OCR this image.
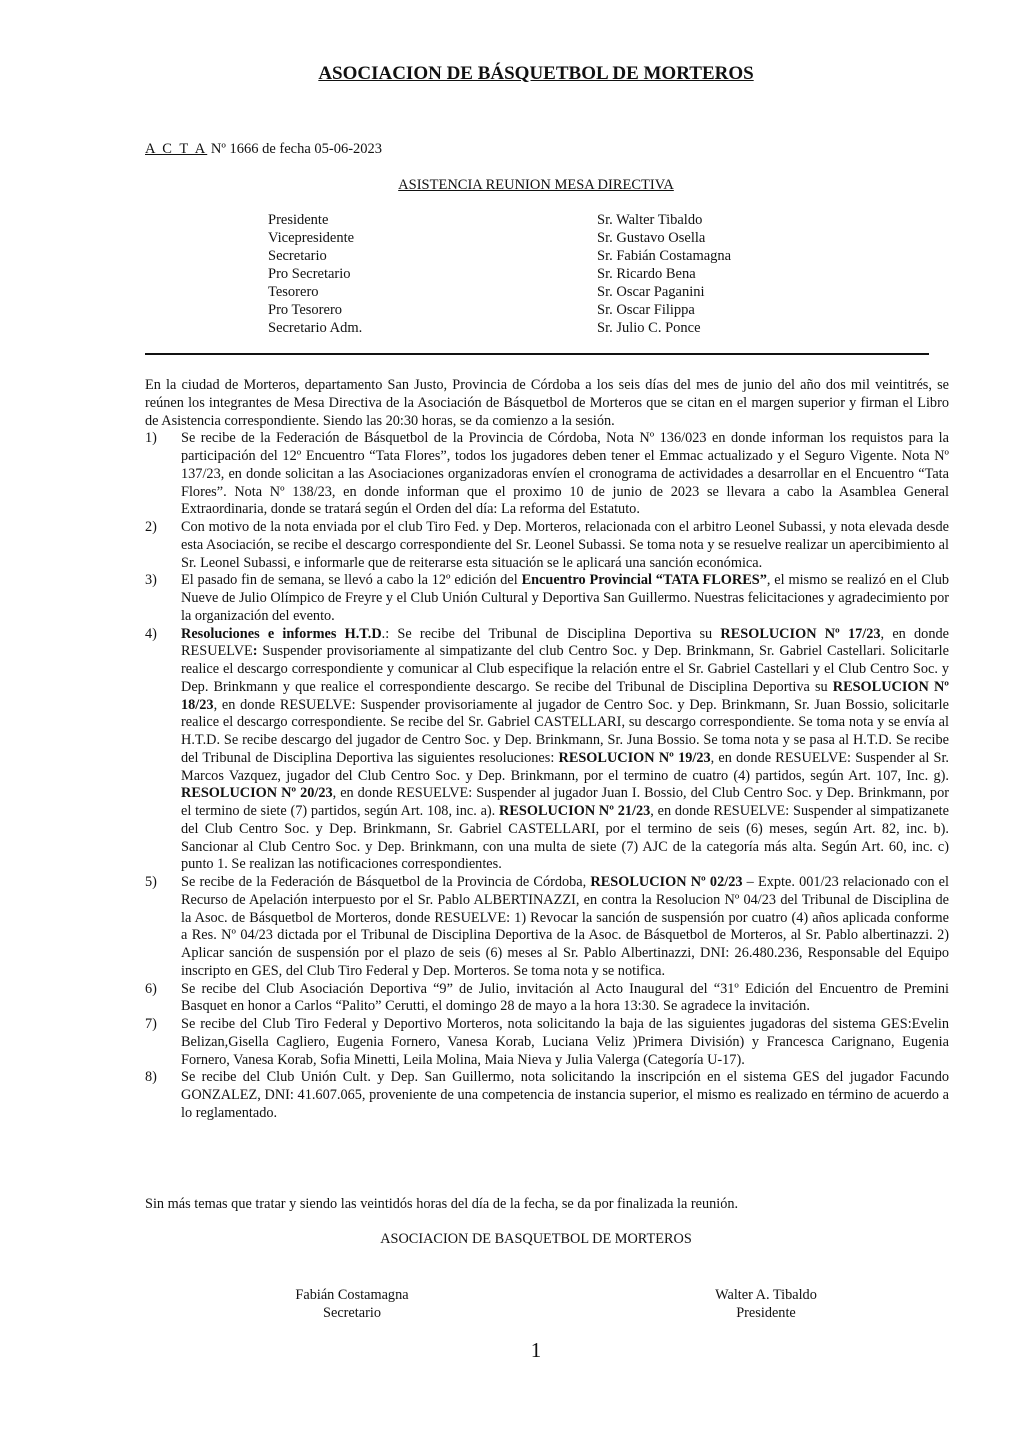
ASOCIACION DE BÁSQUETBOL DE MORTEROS
A C T A Nº 1666 de fecha 05-06-2023
ASISTENCIA REUNION MESA DIRECTIVA
Presidente	Sr. Walter Tibaldo
Vicepresidente	Sr. Gustavo Osella
Secretario	Sr. Fabián Costamagna
Pro Secretario	Sr. Ricardo Bena
Tesorero	Sr. Oscar Paganini
Pro Tesorero	Sr. Oscar Filippa
Secretario Adm.	Sr. Julio C. Ponce

En la ciudad de Morteros, departamento San Justo, Provincia de Córdoba a los seis días del mes de junio del año dos mil veintitrés, se reúnen los integrantes de Mesa Directiva de la Asociación de Básquetbol de Morteros que se citan en el margen superior y firman el Libro de Asistencia correspondiente. Siendo las 20:30 horas, se da comienzo a la sesión.

1) Se recibe de la Federación de Básquetbol de la Provincia de Córdoba, Nota Nº 136/023 en donde informan los requistos para la participación del 12º Encuentro “Tata Flores”, todos los jugadores deben tener el Emmac actualizado y el Seguro Vigente. Nota Nº 137/23, en donde solicitan a las Asociaciones organizadoras envíen el cronograma de actividades a desarrollar en el Encuentro “Tata Flores”. Nota Nº 138/23, en donde informan que el proximo 10 de junio de 2023 se llevara a cabo la Asamblea General Extraordinaria, donde se tratará según el Orden del día: La reforma del Estatuto.
2) Con motivo de la nota enviada por el club Tiro Fed. y Dep. Morteros, relacionada con el arbitro Leonel Subassi, y nota elevada desde esta Asociación, se recibe el descargo correspondiente del Sr. Leonel Subassi. Se toma nota y se resuelve realizar un apercibimiento al Sr. Leonel Subassi, e informarle que de reiterarse esta situación se le aplicará una sanción económica.
3) El pasado fin de semana, se llevó a cabo la 12º edición del Encuentro Provincial “TATA FLORES”, el mismo se realizó en el Club Nueve de Julio Olímpico de Freyre y el Club Unión Cultural y Deportiva San Guillermo. Nuestras felicitaciones y agradecimiento por la organización del evento.
4) Resoluciones e informes H.T.D.: Se recibe del Tribunal de Disciplina Deportiva su RESOLUCION Nº 17/23, en donde RESUELVE: Suspender provisoriamente al simpatizante del club Centro Soc. y Dep. Brinkmann, Sr. Gabriel Castellari. Solicitarle realice el descargo correspondiente y comunicar al Club especifique la relación entre el Sr. Gabriel Castellari y el Club Centro Soc. y Dep. Brinkmann y que realice el correspondiente descargo. Se recibe del Tribunal de Disciplina Deportiva su RESOLUCION Nº 18/23, en donde RESUELVE: Suspender provisoriamente al jugador de Centro Soc. y Dep. Brinkmann, Sr. Juan Bossio, solicitarle realice el descargo correspondiente. Se recibe del Sr. Gabriel CASTELLARI, su descargo correspondiente. Se toma nota y se envía al H.T.D. Se recibe descargo del jugador de Centro Soc. y Dep. Brinkmann, Sr. Juna Bossio. Se toma nota y se pasa al H.T.D. Se recibe del Tribunal de Disciplina Deportiva las siguientes resoluciones: RESOLUCION Nº 19/23, en donde RESUELVE: Suspender al Sr. Marcos Vazquez, jugador del Club Centro Soc. y Dep. Brinkmann, por el termino de cuatro (4) partidos, según Art. 107, Inc. g). RESOLUCION Nº 20/23, en donde RESUELVE: Suspender al jugador Juan I. Bossio, del Club Centro Soc. y Dep. Brinkmann, por el termino de siete (7) partidos, según Art. 108, inc. a). RESOLUCION Nº 21/23, en donde RESUELVE: Suspender al simpatizanete del Club Centro Soc. y Dep. Brinkmann, Sr. Gabriel CASTELLARI, por el termino de seis (6) meses, según Art. 82, inc. b). Sancionar al Club Centro Soc. y Dep. Brinkmann, con una multa de siete (7) AJC de la categoría más alta. Según Art. 60, inc. c) punto 1. Se realizan las notificaciones correspondientes.
5) Se recibe de la Federación de Básquetbol de la Provincia de Córdoba, RESOLUCION Nº 02/23 – Expte. 001/23 relacionado con el Recurso de Apelación interpuesto por el Sr. Pablo ALBERTINAZZI, en contra la Resolucion Nº 04/23 del Tribunal de Disciplina de la Asoc. de Básquetbol de Morteros, donde RESUELVE: 1) Revocar la sanción de suspensión por cuatro (4) años aplicada conforme a Res. Nº 04/23 dictada por el Tribunal de Disciplina Deportiva de la Asoc. de Básquetbol de Morteros, al Sr. Pablo albertinazzi. 2) Aplicar sanción de suspensión por el plazo de seis (6) meses al Sr. Pablo Albertinazzi, DNI: 26.480.236, Responsable del Equipo inscripto en GES, del Club Tiro Federal y Dep. Morteros. Se toma nota y se notifica.
6) Se recibe del Club Asociación Deportiva “9” de Julio, invitación al Acto Inaugural del “31º Edición del Encuentro de Premini Basquet en honor a Carlos “Palito” Cerutti, el domingo 28 de mayo a la hora 13:30. Se agradece la invitación.
7) Se recibe del Club Tiro Federal y Deportivo Morteros, nota solicitando la baja de las siguientes jugadoras del sistema GES:Evelin Belizan,Gisella Cagliero, Eugenia Fornero, Vanesa Korab, Luciana Veliz )Primera División) y Francesca Carignano, Eugenia Fornero, Vanesa Korab, Sofia Minetti, Leila Molina, Maia Nieva y Julia Valerga (Categoría U-17).
8) Se recibe del Club Unión Cult. y Dep. San Guillermo, nota solicitando la inscripción en el sistema GES del jugador Facundo GONZALEZ, DNI: 41.607.065, proveniente de una competencia de instancia superior, el mismo es realizado en término de acuerdo a lo reglamentado.
Sin más temas que tratar y siendo las veintidós horas del día de la fecha, se da por finalizada la reunión.
ASOCIACION DE BASQUETBOL DE MORTEROS
Fabián Costamagna
Secretario
Walter A. Tibaldo
Presidente
1
